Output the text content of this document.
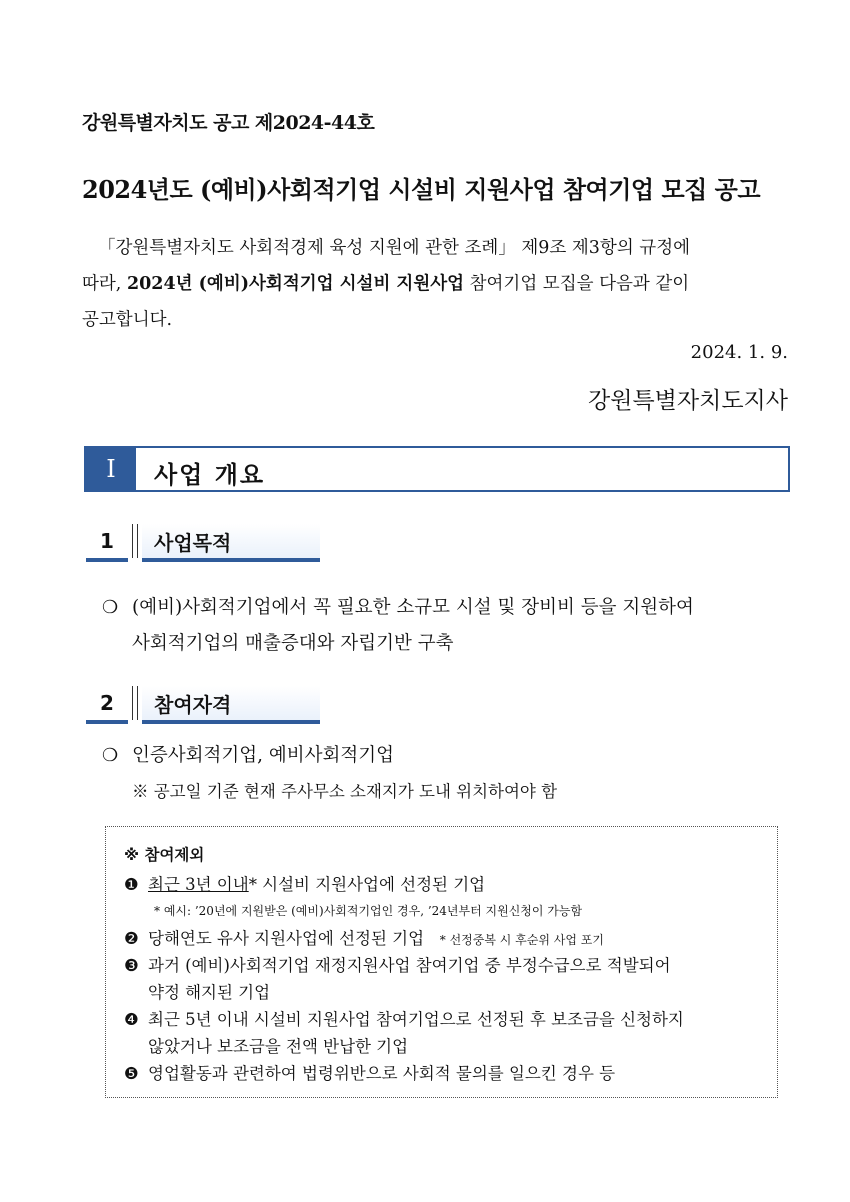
강원특별자치도 공고 제2024-44호
2024년도 (예비)사회적기업 시설비 지원사업 참여기업 모집 공고

「강원특별자치도 사회적경제 육성 지원에 관한 조례」 제9조 제3항의 규정에

따라, 2024년 (예비)사회적기업 시설비 지원사업 참여기업 모집을 다음과 같이

공고합니다.

2024. 1. 9.
강원특별자치도지사
Ⅰ	사업 개요
1	사업목적
❍ (예비)사회적기업에서 꼭 필요한 소규모 시설 및 장비비 등을 지원하여
사회적기업의 매출증대와 자립기반 구축
2	참여자격
❍ 인증사회적기업, 예비사회적기업
※ 공고일 기준 현재 주사무소 소재지가 도내 위치하여야 함
※ 참여제외
❶ 최근 3년 이내* 시설비 지원사업에 선정된 기업
* 예시: ’20년에 지원받은 (예비)사회적기업인 경우, ’24년부터 지원신청이 가능함
❷ 당해연도 유사 지원사업에 선정된 기업 * 선정중복 시 후순위 사업 포기
❸ 과거 (예비)사회적기업 재정지원사업 참여기업 중 부정수급으로 적발되어
약정 해지된 기업
❹ 최근 5년 이내 시설비 지원사업 참여기업으로 선정된 후 보조금을 신청하지
않았거나 보조금을 전액 반납한 기업
❺ 영업활동과 관련하여 법령위반으로 사회적 물의를 일으킨 경우 등
